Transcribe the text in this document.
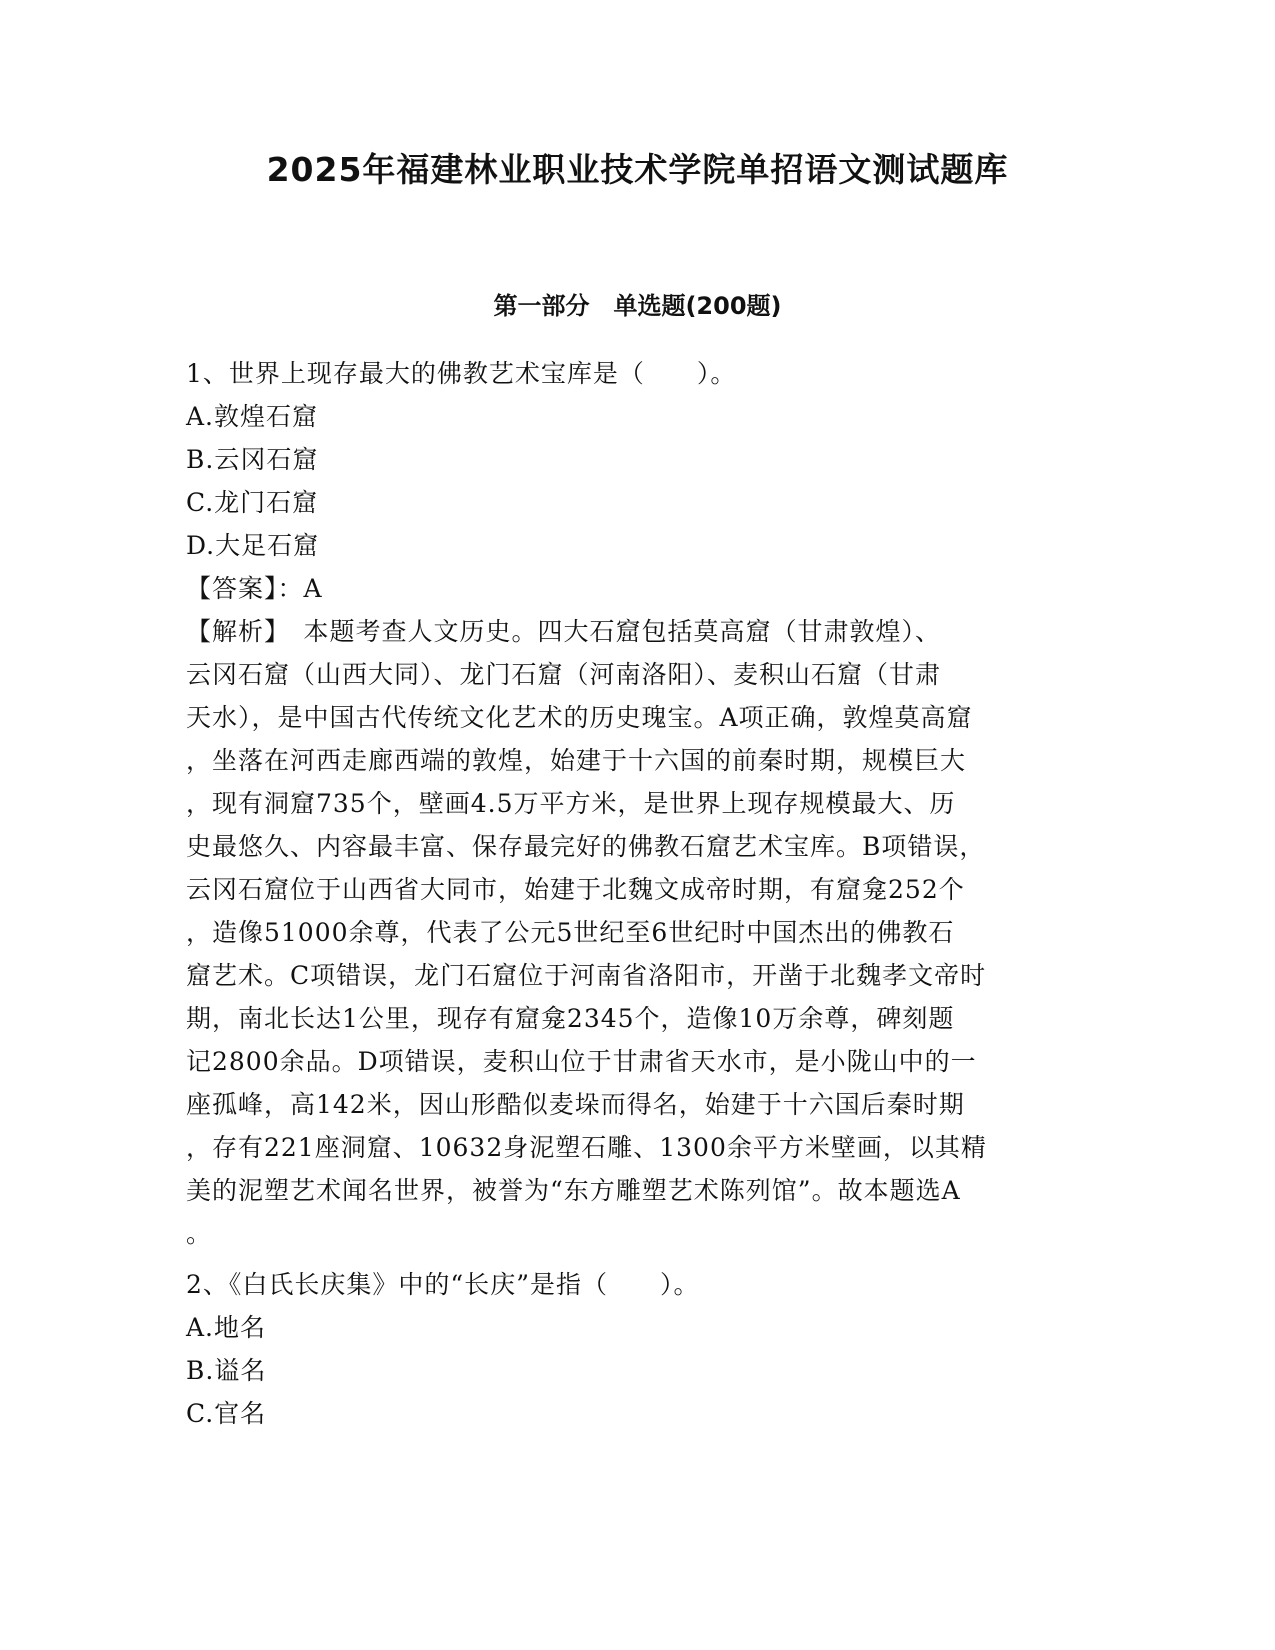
2025年福建林业职业技术学院单招语文测试题库
第一部分　单选题(200题)

1、世界上现存最大的佛教艺术宝库是（　　）。

A.敦煌石窟

B.云冈石窟

C.龙门石窟

D.大足石窟

【答案】：A

【解析】　本题考查人文历史。四大石窟包括莫高窟（甘肃敦煌）、

云冈石窟（山西大同）、龙门石窟（河南洛阳）、麦积山石窟（甘肃

天水），是中国古代传统文化艺术的历史瑰宝。A项正确，敦煌莫高窟

，坐落在河西走廊西端的敦煌，始建于十六国的前秦时期，规模巨大

，现有洞窟735个，壁画4.5万平方米，是世界上现存规模最大、历

史最悠久、内容最丰富、保存最完好的佛教石窟艺术宝库。B项错误，

云冈石窟位于山西省大同市，始建于北魏文成帝时期，有窟龛252个

，造像51000余尊，代表了公元5世纪至6世纪时中国杰出的佛教石

窟艺术。C项错误，龙门石窟位于河南省洛阳市，开凿于北魏孝文帝时

期，南北长达1公里，现存有窟龛2345个，造像10万余尊，碑刻题

记2800余品。D项错误，麦积山位于甘肃省天水市，是小陇山中的一

座孤峰，高142米，因山形酷似麦垛而得名，始建于十六国后秦时期

，存有221座洞窟、10632身泥塑石雕、1300余平方米壁画，以其精

美的泥塑艺术闻名世界，被誉为“东方雕塑艺术陈列馆”。故本题选A

。

2、《白氏长庆集》中的“长庆”是指（　　）。

A.地名

B.谥名

C.官名
